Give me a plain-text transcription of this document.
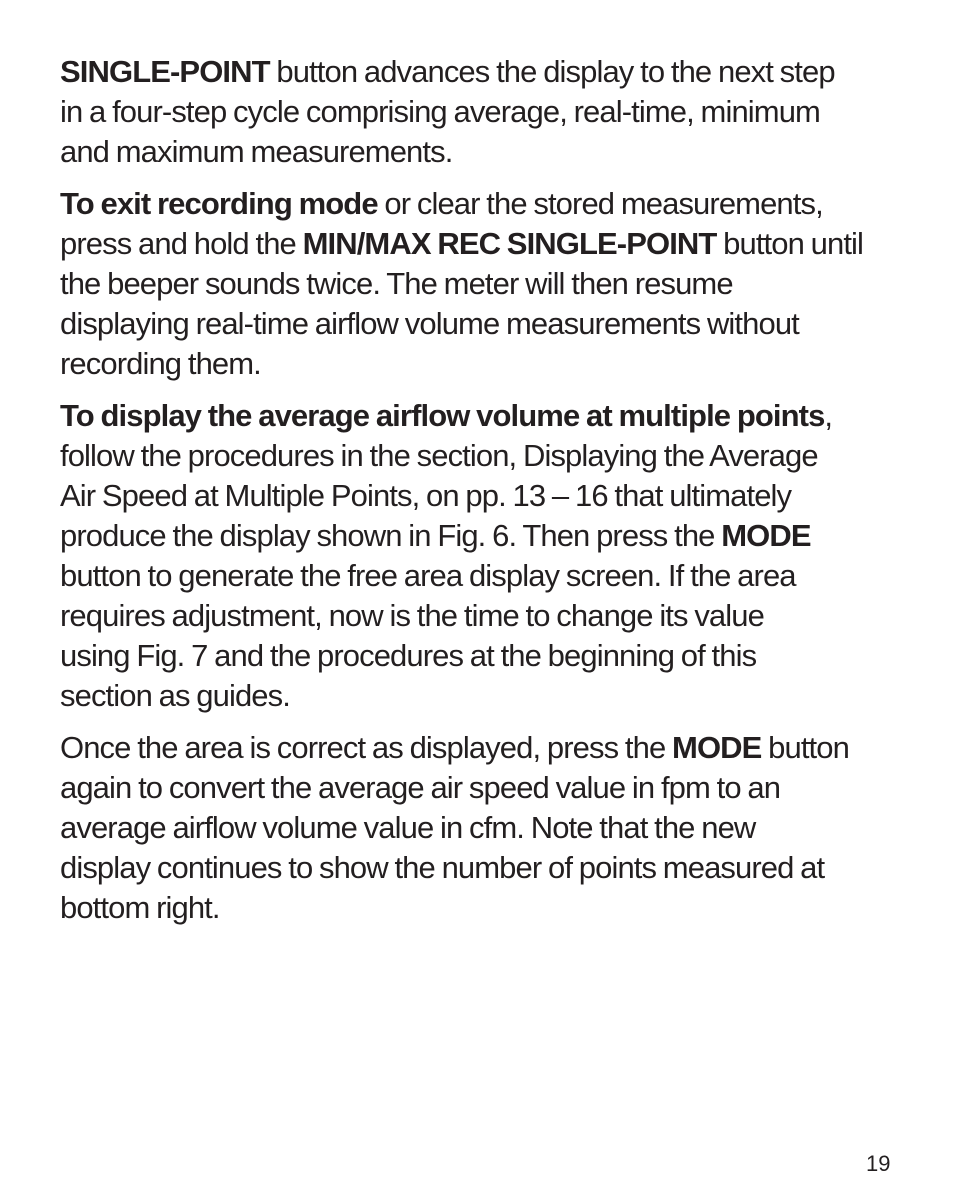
SINGLE-POINT button advances the display to the next step
in a four-step cycle comprising average, real-time, minimum
and maximum measurements.

To exit recording mode or clear the stored measurements,
press and hold the MIN/MAX REC SINGLE-POINT button until
the beeper sounds twice. The meter will then resume
displaying real-time airflow volume measurements without
recording them.

To display the average airflow volume at multiple points,
follow the procedures in the section, Displaying the Average
Air Speed at Multiple Points, on pp. 13 – 16 that ultimately
produce the display shown in Fig. 6. Then press the MODE
button to generate the free area display screen. If the area
requires adjustment, now is the time to change its value
using Fig. 7 and the procedures at the beginning of this
section as guides.

Once the area is correct as displayed, press the MODE button
again to convert the average air speed value in fpm to an
average airflow volume value in cfm. Note that the new
display continues to show the number of points measured at
bottom right.

19
